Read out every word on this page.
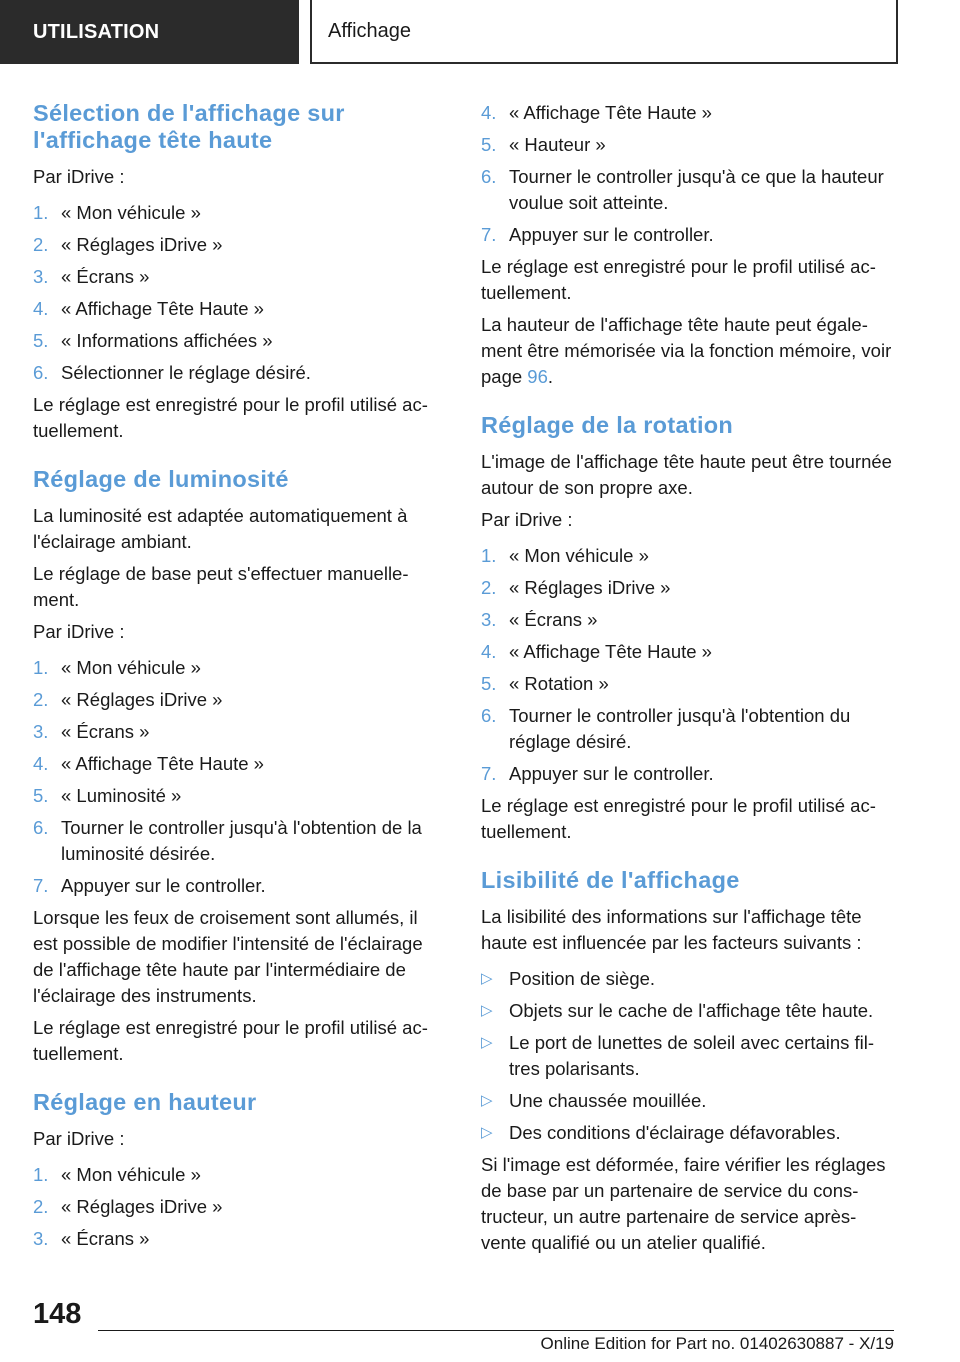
UTILISATION	Affichage
Sélection de l'affichage sur
l'affichage tête haute

Par iDrive :

1. « Mon véhicule »
2. « Réglages iDrive »
3. « Écrans »
4. « Affichage Tête Haute »
5. « Informations affichées »
6. Sélectionner le réglage désiré.

Le réglage est enregistré pour le profil utilisé actuellement.

Réglage de luminosité

La luminosité est adaptée automatiquement à l'éclairage ambiant.

Le réglage de base peut s'effectuer manuellement.

Par iDrive :

1. « Mon véhicule »
2. « Réglages iDrive »
3. « Écrans »
4. « Affichage Tête Haute »
5. « Luminosité »
6. Tourner le controller jusqu'à l'obtention de la luminosité désirée.
7. Appuyer sur le controller.

Lorsque les feux de croisement sont allumés, il est possible de modifier l'intensité de l'éclairage de l'affichage tête haute par l'intermédiaire de l'éclairage des instruments.

Le réglage est enregistré pour le profil utilisé actuellement.

Réglage en hauteur

Par iDrive :

1. « Mon véhicule »
2. « Réglages iDrive »
3. « Écrans »
4. « Affichage Tête Haute »
5. « Hauteur »
6. Tourner le controller jusqu'à ce que la hauteur voulue soit atteinte.
7. Appuyer sur le controller.

Le réglage est enregistré pour le profil utilisé actuellement.

La hauteur de l'affichage tête haute peut également être mémorisée via la fonction mémoire, voir page 96.

Réglage de la rotation

L'image de l'affichage tête haute peut être tournée autour de son propre axe.

Par iDrive :

1. « Mon véhicule »
2. « Réglages iDrive »
3. « Écrans »
4. « Affichage Tête Haute »
5. « Rotation »
6. Tourner le controller jusqu'à l'obtention du réglage désiré.
7. Appuyer sur le controller.

Le réglage est enregistré pour le profil utilisé actuellement.

Lisibilité de l'affichage

La lisibilité des informations sur l'affichage tête haute est influencée par les facteurs suivants :

▷ Position de siège.
▷ Objets sur le cache de l'affichage tête haute.
▷ Le port de lunettes de soleil avec certains filtres polarisants.
▷ Une chaussée mouillée.
▷ Des conditions d'éclairage défavorables.

Si l'image est déformée, faire vérifier les réglages de base par un partenaire de service du constructeur, un autre partenaire de service après-vente qualifié ou un atelier qualifié.

148
Online Edition for Part no. 01402630887 - X/19
